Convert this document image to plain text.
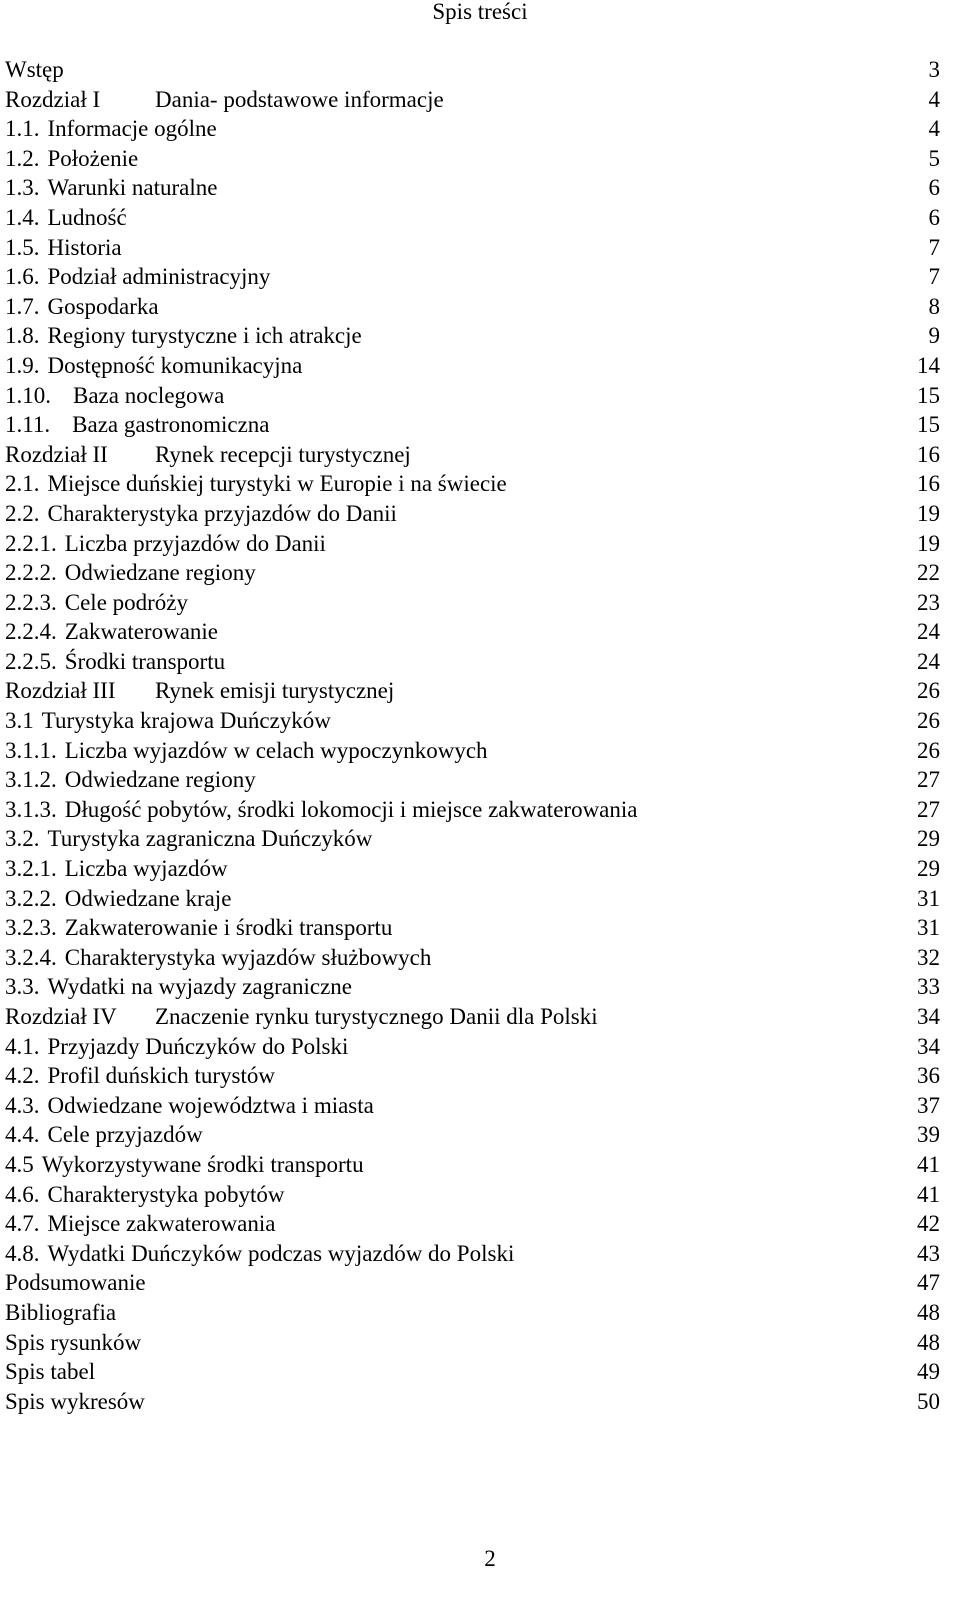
Spis treści
Wstęp	3
Rozdział I Dania- podstawowe informacje	4
1.1. Informacje ogólne	4
1.2. Położenie	5
1.3. Warunki naturalne	6
1.4. Ludność	6
1.5. Historia	7
1.6. Podział administracyjny	7
1.7. Gospodarka	8
1.8. Regiony turystyczne i ich atrakcje	9
1.9. Dostępność komunikacyjna	14
1.10. Baza noclegowa	15
1.11. Baza gastronomiczna	15
Rozdział II Rynek recepcji turystycznej	16
2.1. Miejsce duńskiej turystyki w Europie i na świecie	16
2.2. Charakterystyka przyjazdów do Danii	19
2.2.1. Liczba przyjazdów do Danii	19
2.2.2. Odwiedzane regiony	22
2.2.3. Cele podróży	23
2.2.4. Zakwaterowanie	24
2.2.5. Środki transportu	24
Rozdział III Rynek emisji turystycznej	26
3.1 Turystyka krajowa Duńczyków	26
3.1.1. Liczba wyjazdów w celach wypoczynkowych	26
3.1.2. Odwiedzane regiony	27
3.1.3. Długość pobytów, środki lokomocji i miejsce zakwaterowania	27
3.2. Turystyka zagraniczna Duńczyków	29
3.2.1. Liczba wyjazdów	29
3.2.2. Odwiedzane kraje	31
3.2.3. Zakwaterowanie i środki transportu	31
3.2.4. Charakterystyka wyjazdów służbowych	32
3.3. Wydatki na wyjazdy zagraniczne	33
Rozdział IV Znaczenie rynku turystycznego Danii dla Polski	34
4.1. Przyjazdy Duńczyków do Polski	34
4.2. Profil duńskich turystów	36
4.3. Odwiedzane województwa i miasta	37
4.4. Cele przyjazdów	39
4.5 Wykorzystywane środki transportu	41
4.6. Charakterystyka pobytów	41
4.7. Miejsce zakwaterowania	42
4.8. Wydatki Duńczyków podczas wyjazdów do Polski	43
Podsumowanie	47
Bibliografia	48
Spis rysunków	48
Spis tabel	49
Spis wykresów	50
2
